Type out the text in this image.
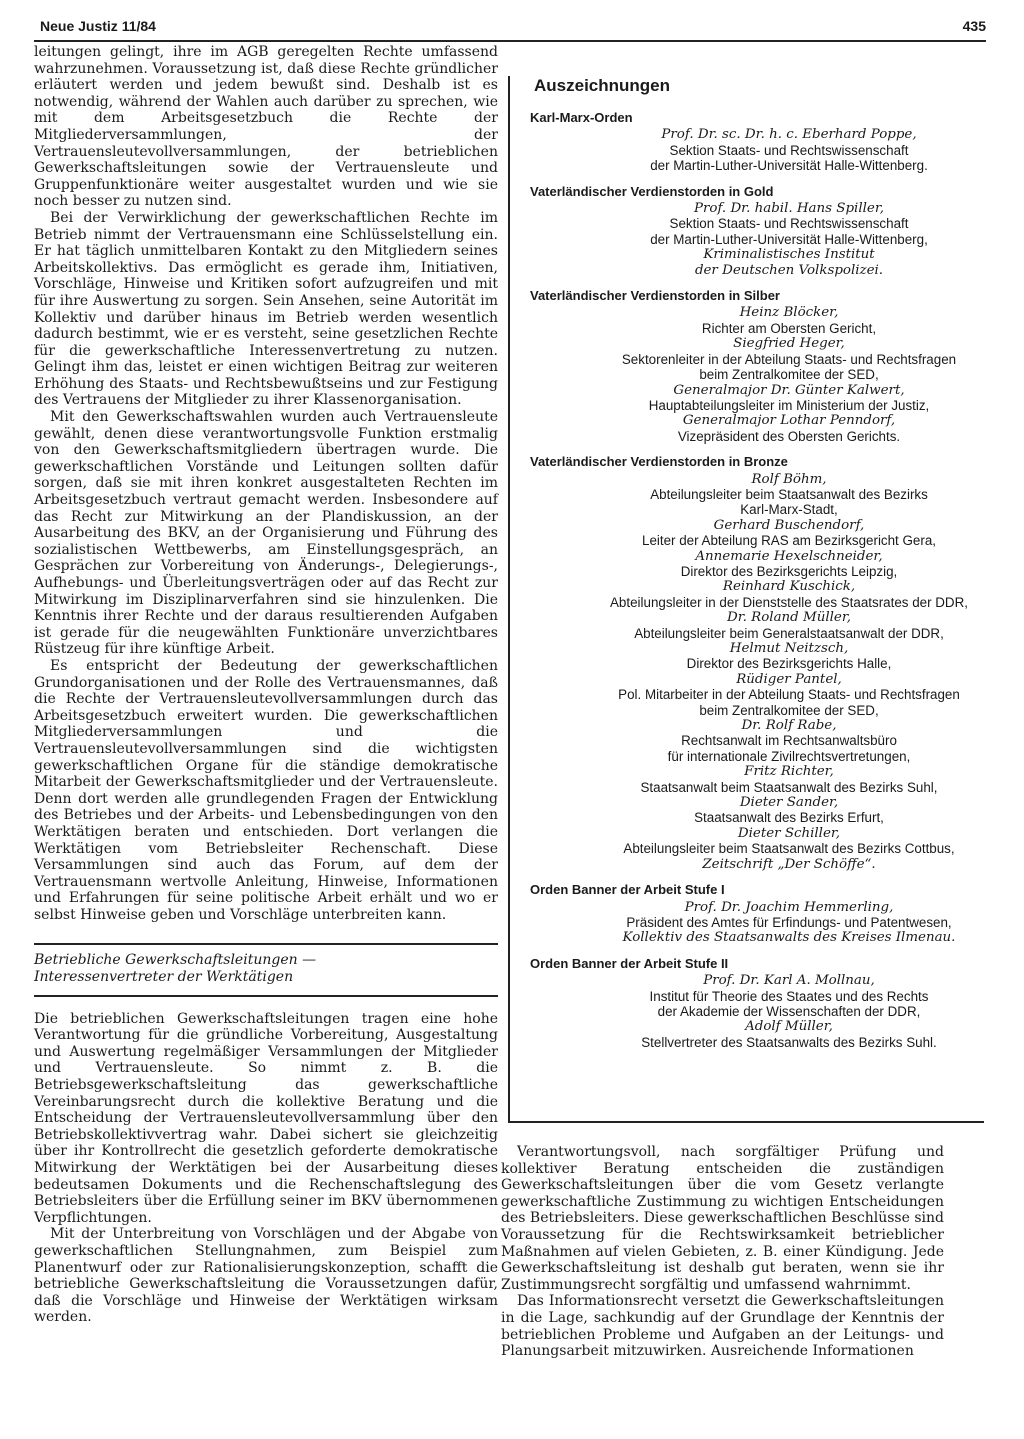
Neue Justiz 11/84	435

leitungen gelingt, ihre im AGB geregelten Rechte umfassend wahrzunehmen. Voraussetzung ist, daß diese Rechte gründlicher erläutert werden und jedem bewußt sind. Deshalb ist es notwendig, während der Wahlen auch darüber zu sprechen, wie mit dem Arbeitsgesetzbuch die Rechte der Mitgliederversammlungen, der Vertrauensleutevollversammlungen, der betrieblichen Gewerkschaftsleitungen sowie der Vertrauensleute und Gruppenfunktionäre weiter ausgestaltet wurden und wie sie noch besser zu nutzen sind.

Bei der Verwirklichung der gewerkschaftlichen Rechte im Betrieb nimmt der Vertrauensmann eine Schlüsselstellung ein. Er hat täglich unmittelbaren Kontakt zu den Mitgliedern seines Arbeitskollektivs. Das ermöglicht es gerade ihm, Initiativen, Vorschläge, Hinweise und Kritiken sofort aufzugreifen und mit für ihre Auswertung zu sorgen. Sein Ansehen, seine Autorität im Kollektiv und darüber hinaus im Betrieb werden wesentlich dadurch bestimmt, wie er es versteht, seine gesetzlichen Rechte für die gewerkschaftliche Interessenvertretung zu nutzen. Gelingt ihm das, leistet er einen wichtigen Beitrag zur weiteren Erhöhung des Staats- und Rechtsbewußtseins und zur Festigung des Vertrauens der Mitglieder zu ihrer Klassenorganisation.

Mit den Gewerkschaftswahlen wurden auch Vertrauensleute gewählt, denen diese verantwortungsvolle Funktion erstmalig von den Gewerkschaftsmitgliedern übertragen wurde. Die gewerkschaftlichen Vorstände und Leitungen sollten dafür sorgen, daß sie mit ihren konkret ausgestalteten Rechten im Arbeitsgesetzbuch vertraut gemacht werden. Insbesondere auf das Recht zur Mitwirkung an der Plandiskussion, an der Ausarbeitung des BKV, an der Organisierung und Führung des sozialistischen Wettbewerbs, am Einstellungsgespräch, an Gesprächen zur Vorbereitung von Änderungs-, Delegierungs-, Aufhebungs- und Überleitungsverträgen oder auf das Recht zur Mitwirkung im Disziplinarverfahren sind sie hinzulenken. Die Kenntnis ihrer Rechte und der daraus resultierenden Aufgaben ist gerade für die neugewählten Funktionäre unverzichtbares Rüstzeug für ihre künftige Arbeit.

Es entspricht der Bedeutung der gewerkschaftlichen Grundorganisationen und der Rolle des Vertrauensmannes, daß die Rechte der Vertrauensleutevollversammlungen durch das Arbeitsgesetzbuch erweitert wurden. Die gewerkschaftlichen Mitgliederversammlungen und die Vertrauensleutevollversammlungen sind die wichtigsten gewerkschaftlichen Organe für die ständige demokratische Mitarbeit der Gewerkschaftsmitglieder und der Vertrauensleute. Denn dort werden alle grundlegenden Fragen der Entwicklung des Betriebes und der Arbeits- und Lebensbedingungen von den Werktätigen beraten und entschieden. Dort verlangen die Werktätigen vom Betriebsleiter Rechenschaft. Diese Versammlungen sind auch das Forum, auf dem der Vertrauensmann wertvolle Anleitung, Hinweise, Informationen und Erfahrungen für seine politische Arbeit erhält und wo er selbst Hinweise geben und Vorschläge unterbreiten kann.

Betriebliche Gewerkschaftsleitungen —
Interessenvertreter der Werktätigen

Die betrieblichen Gewerkschaftsleitungen tragen eine hohe Verantwortung für die gründliche Vorbereitung, Ausgestaltung und Auswertung regelmäßiger Versammlungen der Mitglieder und Vertrauensleute. So nimmt z. B. die Betriebsgewerkschaftsleitung das gewerkschaftliche Vereinbarungsrecht durch die kollektive Beratung und die Entscheidung der Vertrauensleutevollversammlung über den Betriebskollektivvertrag wahr. Dabei sichert sie gleichzeitig über ihr Kontrollrecht die gesetzlich geforderte demokratische Mitwirkung der Werktätigen bei der Ausarbeitung dieses bedeutsamen Dokuments und die Rechenschaftslegung des Betriebsleiters über die Erfüllung seiner im BKV übernommenen Verpflichtungen.

Mit der Unterbreitung von Vorschlägen und der Abgabe von gewerkschaftlichen Stellungnahmen, zum Beispiel zum Planentwurf oder zur Rationalisierungskonzeption, schafft die betriebliche Gewerkschaftsleitung die Voraussetzungen dafür, daß die Vorschläge und Hinweise der Werktätigen wirksam werden.

Auszeichnungen
Karl-Marx-Orden
Prof. Dr. sc. Dr. h. c. Eberhard Poppe,
Sektion Staats- und Rechtswissenschaft
der Martin-Luther-Universität Halle-Wittenberg.
Vaterländischer Verdienstorden in Gold
Prof. Dr. habil. Hans Spiller,
Sektion Staats- und Rechtswissenschaft
der Martin-Luther-Universität Halle-Wittenberg,
Kriminalistisches Institut
der Deutschen Volkspolizei.
Vaterländischer Verdienstorden in Silber
Heinz Blöcker,
Richter am Obersten Gericht,
Siegfried Heger,
Sektorenleiter in der Abteilung Staats- und Rechtsfragen
beim Zentralkomitee der SED,
Generalmajor Dr. Günter Kalwert,
Hauptabteilungsleiter im Ministerium der Justiz,
Generalmajor Lothar Penndorf,
Vizepräsident des Obersten Gerichts.
Vaterländischer Verdienstorden in Bronze
Rolf Böhm,
Abteilungsleiter beim Staatsanwalt des Bezirks
Karl-Marx-Stadt,
Gerhard Buschendorf,
Leiter der Abteilung RAS am Bezirksgericht Gera,
Annemarie Hexelschneider,
Direktor des Bezirksgerichts Leipzig,
Reinhard Kuschick,
Abteilungsleiter in der Dienststelle des Staatsrates der DDR,
Dr. Roland Müller,
Abteilungsleiter beim Generalstaatsanwalt der DDR,
Helmut Neitzsch,
Direktor des Bezirksgerichts Halle,
Rüdiger Pantel,
Pol. Mitarbeiter in der Abteilung Staats- und Rechtsfragen
beim Zentralkomitee der SED,
Dr. Rolf Rabe,
Rechtsanwalt im Rechtsanwaltsbüro
für internationale Zivilrechtsvertretungen,
Fritz Richter,
Staatsanwalt beim Staatsanwalt des Bezirks Suhl,
Dieter Sander,
Staatsanwalt des Bezirks Erfurt,
Dieter Schiller,
Abteilungsleiter beim Staatsanwalt des Bezirks Cottbus,
Zeitschrift „Der Schöffe“.
Orden Banner der Arbeit Stufe I
Prof. Dr. Joachim Hemmerling,
Präsident des Amtes für Erfindungs- und Patentwesen,
Kollektiv des Staatsanwalts des Kreises Ilmenau.
Orden Banner der Arbeit Stufe II
Prof. Dr. Karl A. Mollnau,
Institut für Theorie des Staates und des Rechts
der Akademie der Wissenschaften der DDR,
Adolf Müller,
Stellvertreter des Staatsanwalts des Bezirks Suhl.

Verantwortungsvoll, nach sorgfältiger Prüfung und kollektiver Beratung entscheiden die zuständigen Gewerkschaftsleitungen über die vom Gesetz verlangte gewerkschaftliche Zustimmung zu wichtigen Entscheidungen des Betriebsleiters. Diese gewerkschaftlichen Beschlüsse sind Voraussetzung für die Rechtswirksamkeit betrieblicher Maßnahmen auf vielen Gebieten, z. B. einer Kündigung. Jede Gewerkschaftsleitung ist deshalb gut beraten, wenn sie ihr Zustimmungsrecht sorgfältig und umfassend wahrnimmt.

Das Informationsrecht versetzt die Gewerkschaftsleitungen in die Lage, sachkundig auf der Grundlage der Kenntnis der betrieblichen Probleme und Aufgaben an der Leitungs- und Planungsarbeit mitzuwirken. Ausreichende Informationen
